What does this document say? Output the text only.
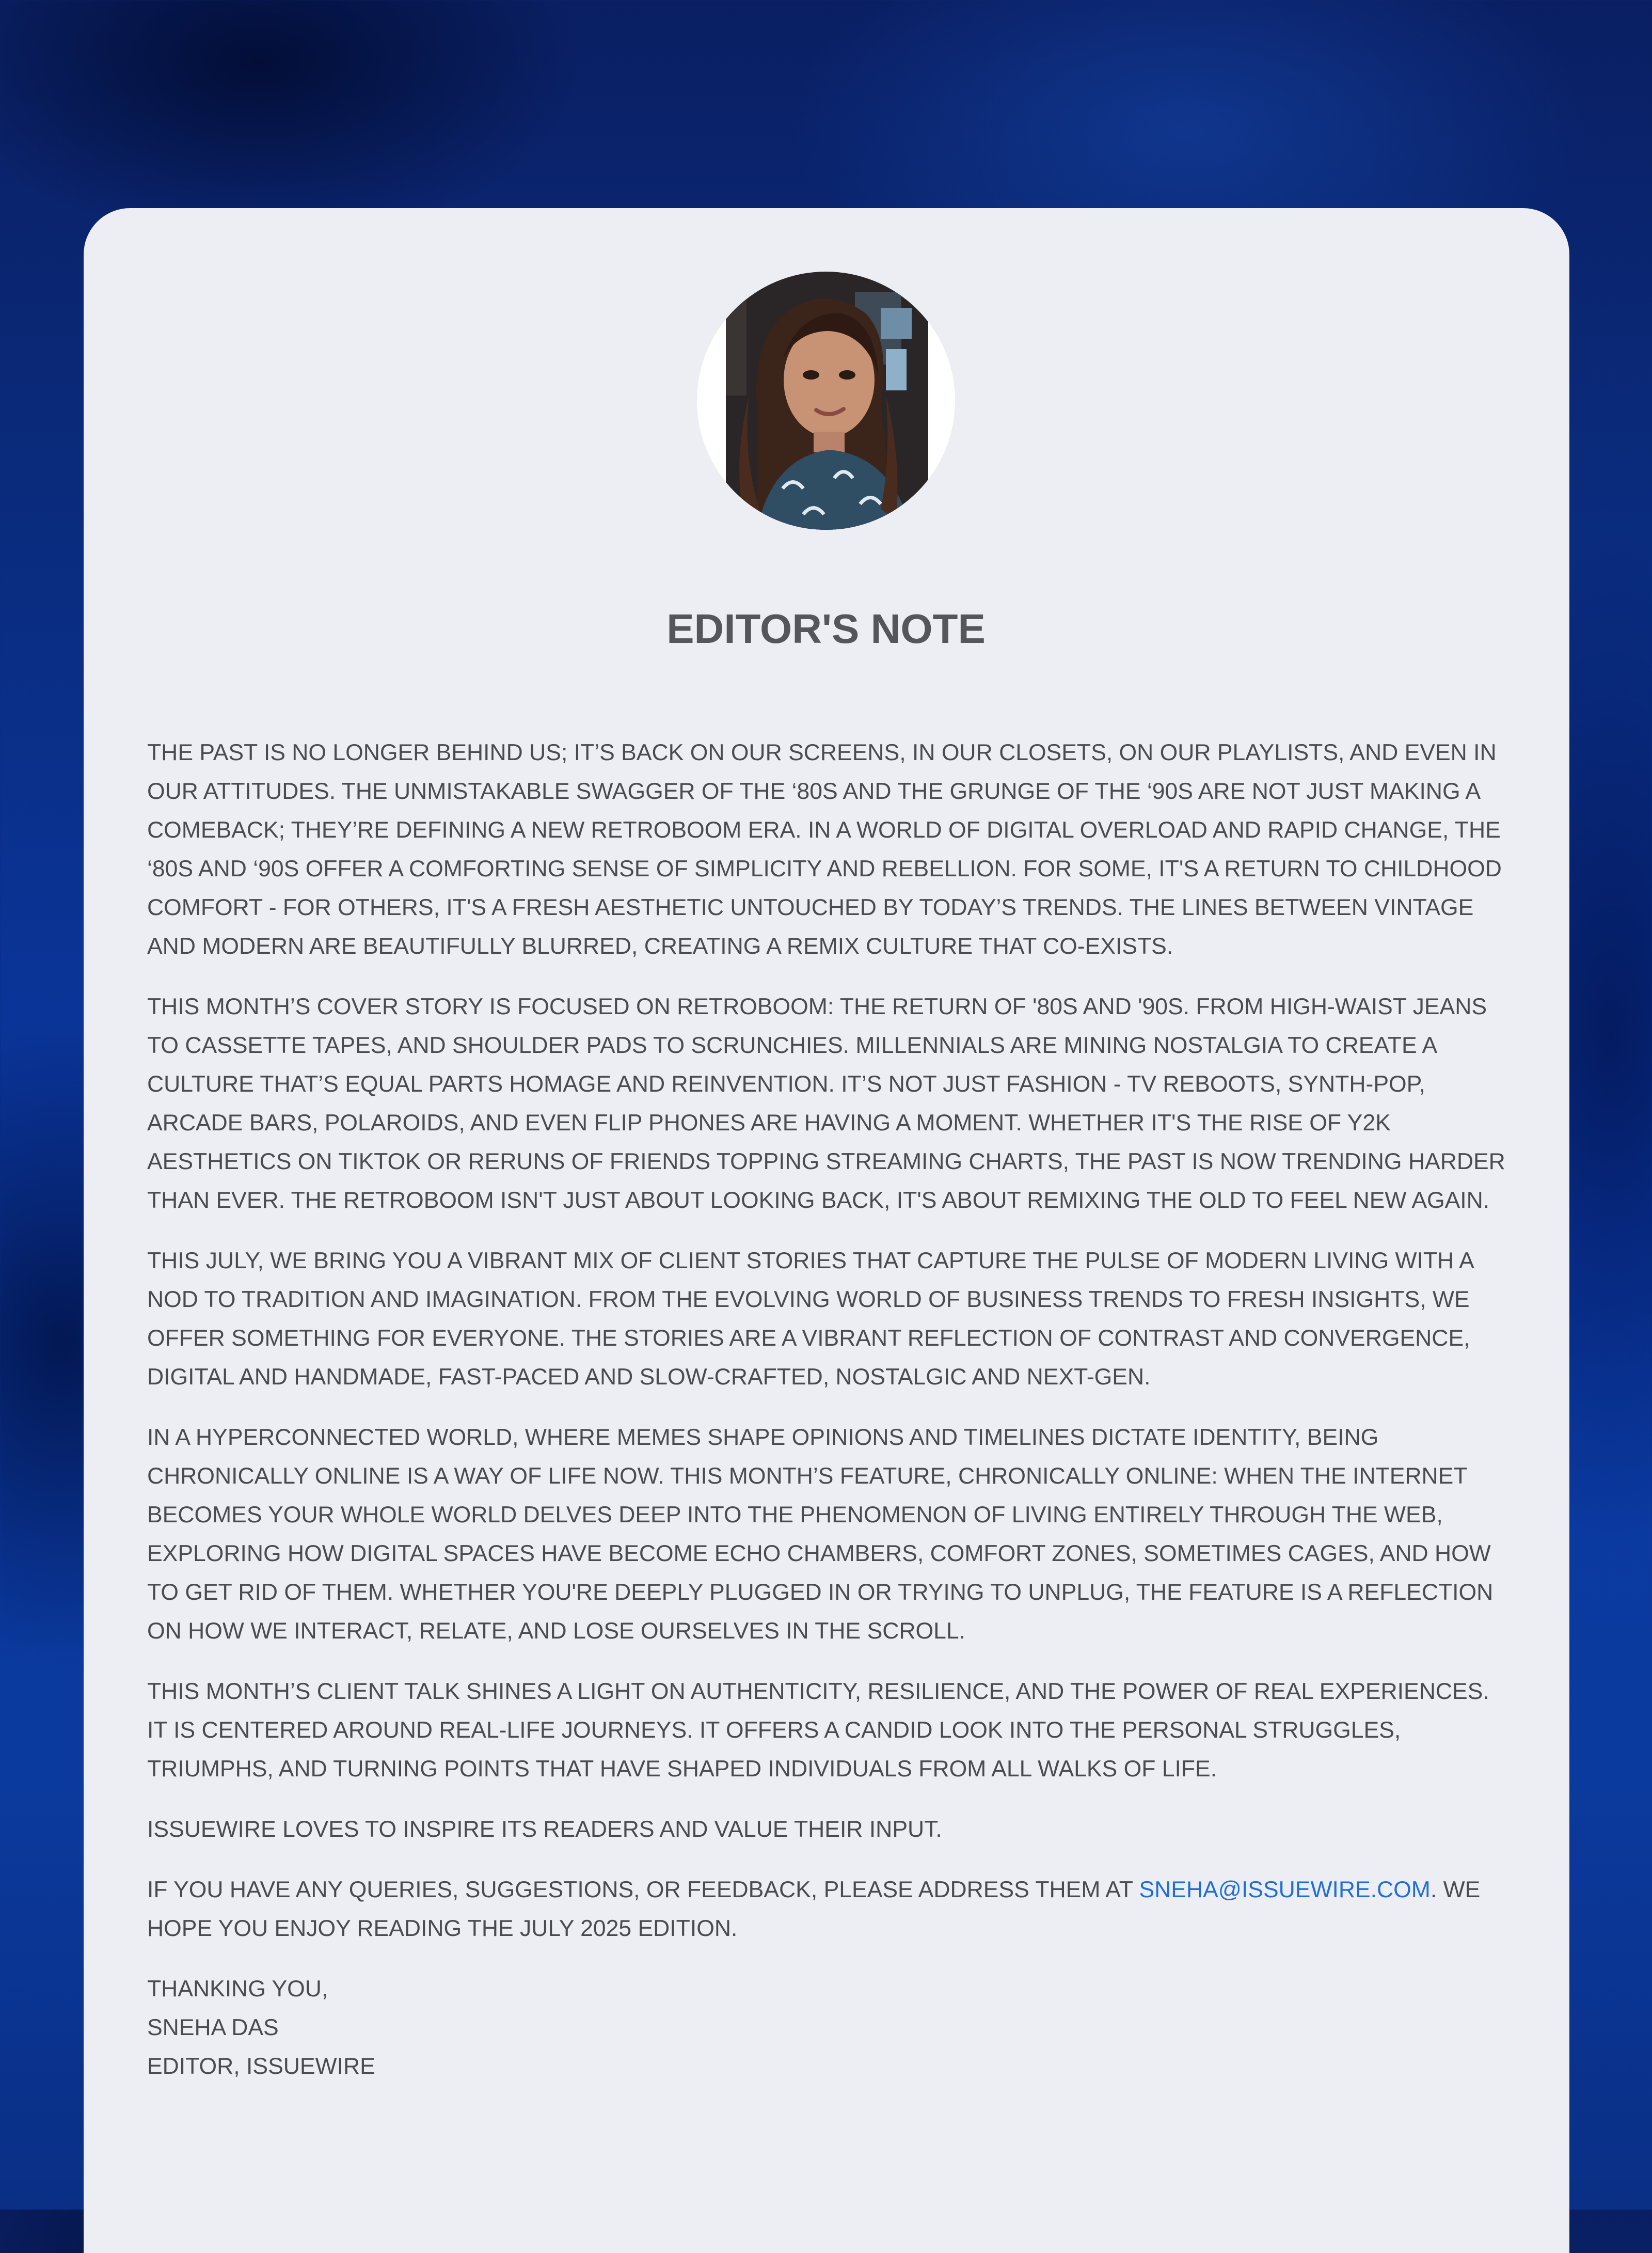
EDITOR'S NOTE

THE PAST IS NO LONGER BEHIND US; IT’S BACK ON OUR SCREENS, IN OUR CLOSETS, ON OUR PLAYLISTS, AND EVEN IN OUR ATTITUDES. THE UNMISTAKABLE SWAGGER OF THE ‘80S AND THE GRUNGE OF THE ‘90S ARE NOT JUST MAKING A COMEBACK; THEY’RE DEFINING A NEW RETROBOOM ERA. IN A WORLD OF DIGITAL OVERLOAD AND RAPID CHANGE, THE ‘80S AND ‘90S OFFER A COMFORTING SENSE OF SIMPLICITY AND REBELLION. FOR SOME, IT'S A RETURN TO CHILDHOOD COMFORT - FOR OTHERS, IT'S A FRESH AESTHETIC UNTOUCHED BY TODAY’S TRENDS. THE LINES BETWEEN VINTAGE AND MODERN ARE BEAUTIFULLY BLURRED, CREATING A REMIX CULTURE THAT CO-EXISTS.

THIS MONTH’S COVER STORY IS FOCUSED ON RETROBOOM: THE RETURN OF '80S AND '90S. FROM HIGH-WAIST JEANS TO CASSETTE TAPES, AND SHOULDER PADS TO SCRUNCHIES. MILLENNIALS ARE MINING NOSTALGIA TO CREATE A CULTURE THAT’S EQUAL PARTS HOMAGE AND REINVENTION. IT’S NOT JUST FASHION - TV REBOOTS, SYNTH-POP, ARCADE BARS, POLAROIDS, AND EVEN FLIP PHONES ARE HAVING A MOMENT. WHETHER IT'S THE RISE OF Y2K AESTHETICS ON TIKTOK OR RERUNS OF FRIENDS TOPPING STREAMING CHARTS, THE PAST IS NOW TRENDING HARDER THAN EVER. THE RETROBOOM ISN'T JUST ABOUT LOOKING BACK, IT'S ABOUT REMIXING THE OLD TO FEEL NEW AGAIN.

THIS JULY, WE BRING YOU A VIBRANT MIX OF CLIENT STORIES THAT CAPTURE THE PULSE OF MODERN LIVING WITH A NOD TO TRADITION AND IMAGINATION. FROM THE EVOLVING WORLD OF BUSINESS TRENDS TO FRESH INSIGHTS, WE OFFER SOMETHING FOR EVERYONE. THE STORIES ARE A VIBRANT REFLECTION OF CONTRAST AND CONVERGENCE, DIGITAL AND HANDMADE, FAST-PACED AND SLOW-CRAFTED, NOSTALGIC AND NEXT-GEN.

IN A HYPERCONNECTED WORLD, WHERE MEMES SHAPE OPINIONS AND TIMELINES DICTATE IDENTITY, BEING CHRONICALLY ONLINE IS A WAY OF LIFE NOW. THIS MONTH’S FEATURE, CHRONICALLY ONLINE: WHEN THE INTERNET BECOMES YOUR WHOLE WORLD DELVES DEEP INTO THE PHENOMENON OF LIVING ENTIRELY THROUGH THE WEB, EXPLORING HOW DIGITAL SPACES HAVE BECOME ECHO CHAMBERS, COMFORT ZONES, SOMETIMES CAGES, AND HOW TO GET RID OF THEM. WHETHER YOU'RE DEEPLY PLUGGED IN OR TRYING TO UNPLUG, THE FEATURE IS A REFLECTION ON HOW WE INTERACT, RELATE, AND LOSE OURSELVES IN THE SCROLL.

THIS MONTH’S CLIENT TALK SHINES A LIGHT ON AUTHENTICITY, RESILIENCE, AND THE POWER OF REAL EXPERIENCES. IT IS CENTERED AROUND REAL-LIFE JOURNEYS. IT OFFERS A CANDID LOOK INTO THE PERSONAL STRUGGLES, TRIUMPHS, AND TURNING POINTS THAT HAVE SHAPED INDIVIDUALS FROM ALL WALKS OF LIFE.

ISSUEWIRE LOVES TO INSPIRE ITS READERS AND VALUE THEIR INPUT.

IF YOU HAVE ANY QUERIES, SUGGESTIONS, OR FEEDBACK, PLEASE ADDRESS THEM AT SNEHA@ISSUEWIRE.COM. WE HOPE YOU ENJOY READING THE JULY 2025 EDITION.

THANKING YOU,
SNEHA DAS
EDITOR, ISSUEWIRE
